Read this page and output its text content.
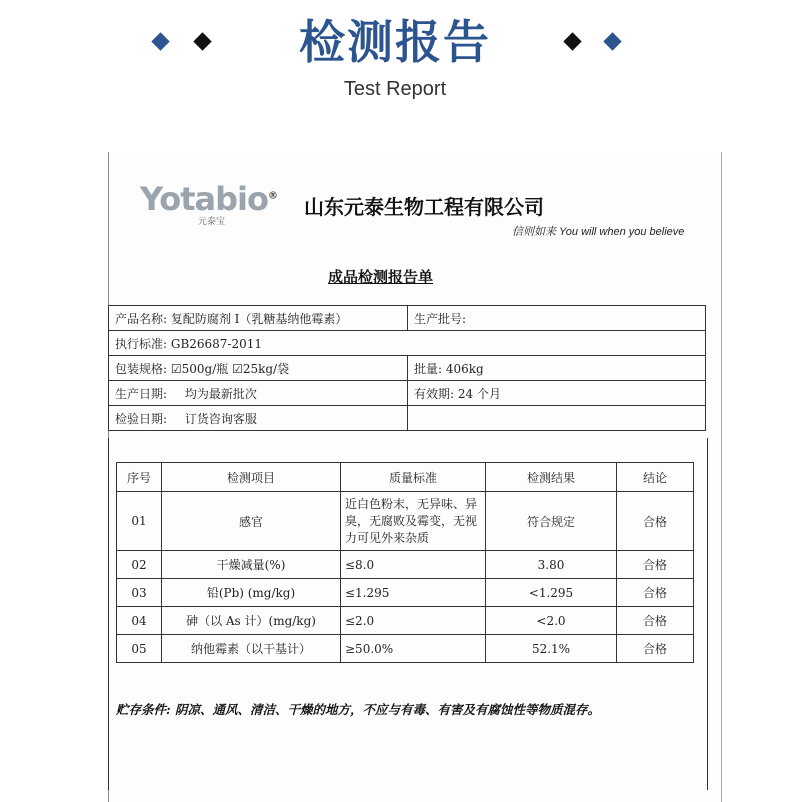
检测报告
Test Report
Yotabio®
元泰宝
山东元泰生物工程有限公司
信则如来 You will when you believe
成品检测报告单
产品名称: 复配防腐剂 I（乳糖基纳他霉素）	生产批号:
执行标准: GB26687-2011	
包装规格: ☑500g/瓶 ☑25kg/袋	批量: 406kg
生产日期: 均为最新批次	有效期: 24 个月
检验日期: 订货咨询客服	
序号	检测项目	质量标准	检测结果	结论
01	感官	近白色粉末，无异味、异臭，无腐败及霉变，无视力可见外来杂质	符合规定	合格
02	干燥减量(%)	≤8.0	3.80	合格
03	铅(Pb) (mg/kg)	≤1.295	<1.295	合格
04	砷（以 As 计）(mg/kg)	≤2.0	<2.0	合格
05	纳他霉素（以干基计）	≥50.0%	52.1%	合格
贮存条件: 阴凉、通风、清洁、干燥的地方，不应与有毒、有害及有腐蚀性等物质混存。
